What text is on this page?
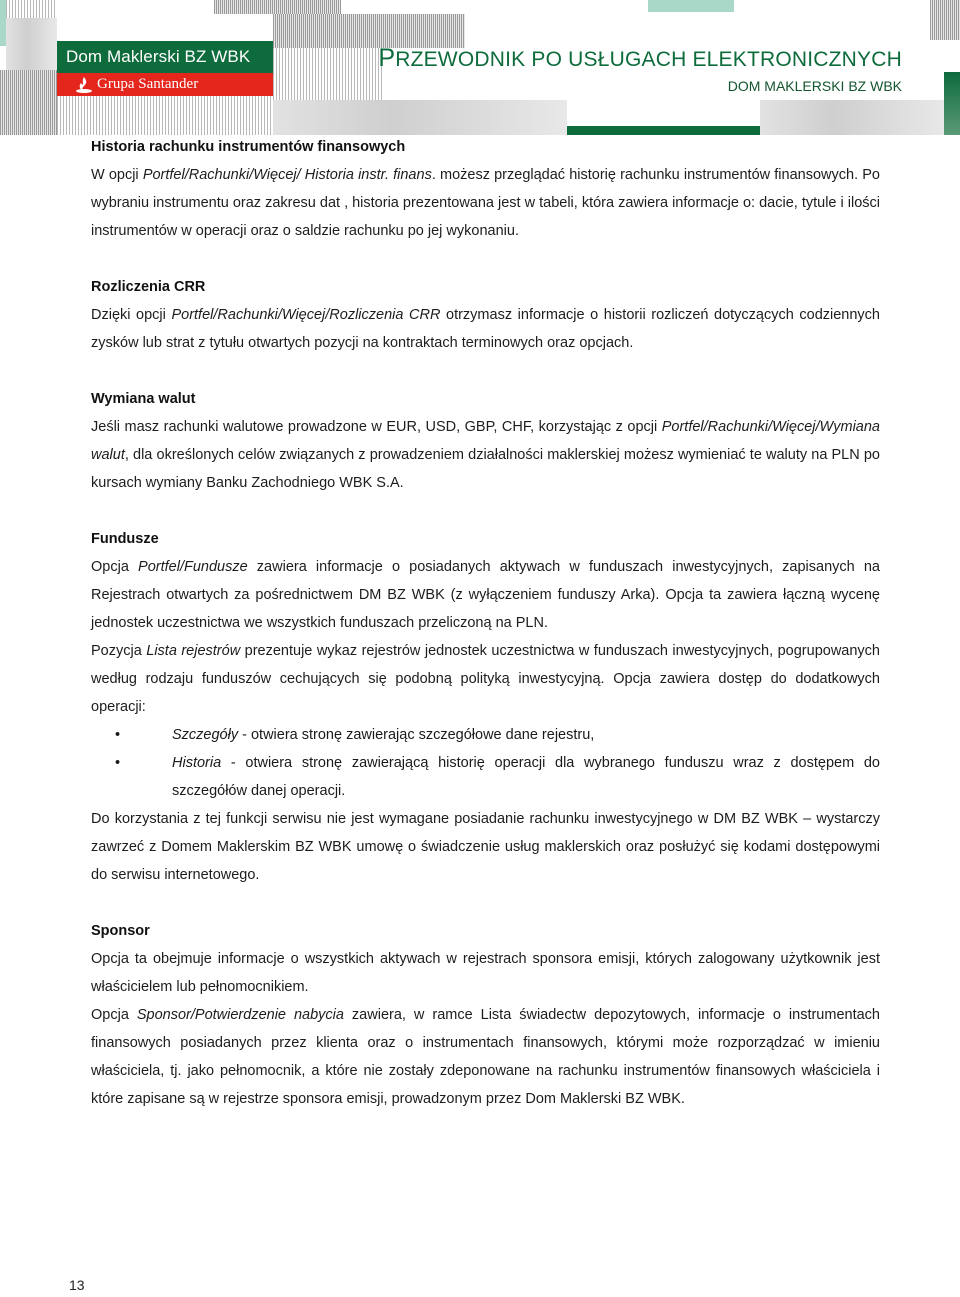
Dom Maklerski BZ WBK
Grupa Santander
PRZEWODNIK PO USŁUGACH ELEKTRONICZNYCH
DOM MAKLERSKI BZ WBK
Historia rachunku instrumentów finansowych

W opcji Portfel/Rachunki/Więcej/ Historia instr. finans. możesz przeglądać historię rachunku instrumentów finansowych. Po wybraniu instrumentu oraz zakresu dat , historia prezentowana jest w tabeli, która zawiera informacje o: dacie, tytule i ilości instrumentów w operacji oraz o saldzie rachunku po jej wykonaniu.

Rozliczenia CRR

Dzięki opcji Portfel/Rachunki/Więcej/Rozliczenia CRR otrzymasz informacje o historii rozliczeń dotyczących codziennych zysków lub strat z tytułu otwartych pozycji na kontraktach terminowych oraz opcjach.

Wymiana walut

Jeśli masz rachunki walutowe prowadzone w EUR, USD, GBP, CHF, korzystając z opcji Portfel/Rachunki/Więcej/Wymiana walut, dla określonych celów związanych z prowadzeniem działalności maklerskiej możesz wymieniać te waluty na PLN po kursach wymiany Banku Zachodniego WBK S.A.

Fundusze

Opcja Portfel/Fundusze zawiera informacje o posiadanych aktywach w funduszach inwestycyjnych, zapisanych na Rejestrach otwartych za pośrednictwem DM BZ WBK (z wyłączeniem funduszy Arka). Opcja ta zawiera łączną wycenę jednostek uczestnictwa we wszystkich funduszach przeliczoną na PLN.

Pozycja Lista rejestrów prezentuje wykaz rejestrów jednostek uczestnictwa w funduszach inwestycyjnych, pogrupowanych według rodzaju funduszów cechujących się podobną polityką inwestycyjną. Opcja zawiera dostęp do dodatkowych operacji:

•	Szczegóły - otwiera stronę zawierając szczegółowe dane rejestru,
•	Historia - otwiera stronę zawierającą historię operacji dla wybranego funduszu wraz z dostępem do szczegółów danej operacji.

Do korzystania z tej funkcji serwisu nie jest wymagane posiadanie rachunku inwestycyjnego w DM BZ WBK – wystarczy zawrzeć z Domem Maklerskim BZ WBK umowę o świadczenie usług maklerskich oraz posłużyć się kodami dostępowymi do serwisu internetowego.

Sponsor

Opcja ta obejmuje informacje o wszystkich aktywach w rejestrach sponsora emisji, których zalogowany użytkownik jest właścicielem lub pełnomocnikiem.

Opcja Sponsor/Potwierdzenie nabycia zawiera, w ramce Lista świadectw depozytowych, informacje o instrumentach finansowych posiadanych przez klienta oraz o instrumentach finansowych, którymi może rozporządzać w imieniu właściciela, tj. jako pełnomocnik, a które nie zostały zdeponowane na rachunku instrumentów finansowych właściciela i które zapisane są w rejestrze sponsora emisji, prowadzonym przez Dom Maklerski BZ WBK.

13
